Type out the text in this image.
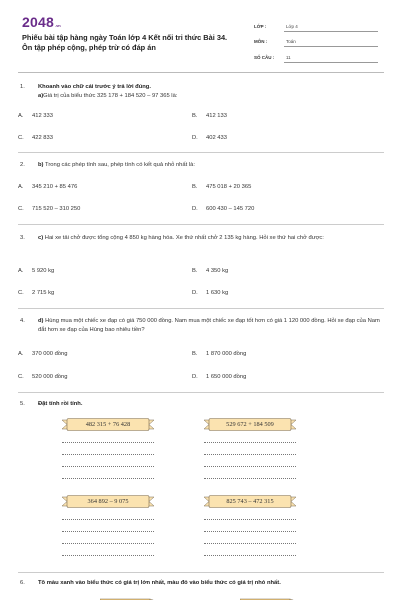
2048 .vn
Phiếu bài tập hàng ngày Toán lớp 4 Kết nối tri thức Bài 34.
Ôn tập phép cộng, phép trừ có đáp án
LỚP :	Lớp 4
MÔN :	Toán
SỐ CÂU :	11
1.	Khoanh vào chữ cái trước ý trả lời đúng.
a)Giá trị của biểu thức 325 178 + 184 520 – 97 365 là:
A.	412 333	B.	412 133
C.	422 833	D.	402 433
2.	b) Trong các phép tính sau, phép tính có kết quả nhỏ nhất là:
A.	345 210 + 85 476	B.	475 018 + 20 365
C.	715 520 – 310 250	D.	600 430 – 145 720
3.	c) Hai xe tải chở được tổng cộng 4 850 kg hàng hóa. Xe thứ nhất chở 2 135 kg hàng. Hỏi xe thứ hai chở được:
A.	5 920 kg	B.	4 350 kg
C.	2 715 kg	D.	1 630 kg
4.	d) Hùng mua một chiếc xe đạp có giá 750 000 đồng. Nam mua một chiếc xe đạp tốt hơn có giá 1 120 000 đồng. Hỏi xe đạp của Nam đắt hơn xe đạp của Hùng bao nhiêu tiền?
A.	370 000 đồng	B.	1 870 000 đồng
C.	520 000 đồng	D.	1 650 000 đồng
5.	Đặt tính rồi tính.
482 315 + 76 428	529 672 + 184 509
364 892 – 9 075	825 743 – 472 315
6.	Tô màu xanh vào biểu thức có giá trị lớn nhất, màu đỏ vào biểu thức có giá trị nhỏ nhất.
